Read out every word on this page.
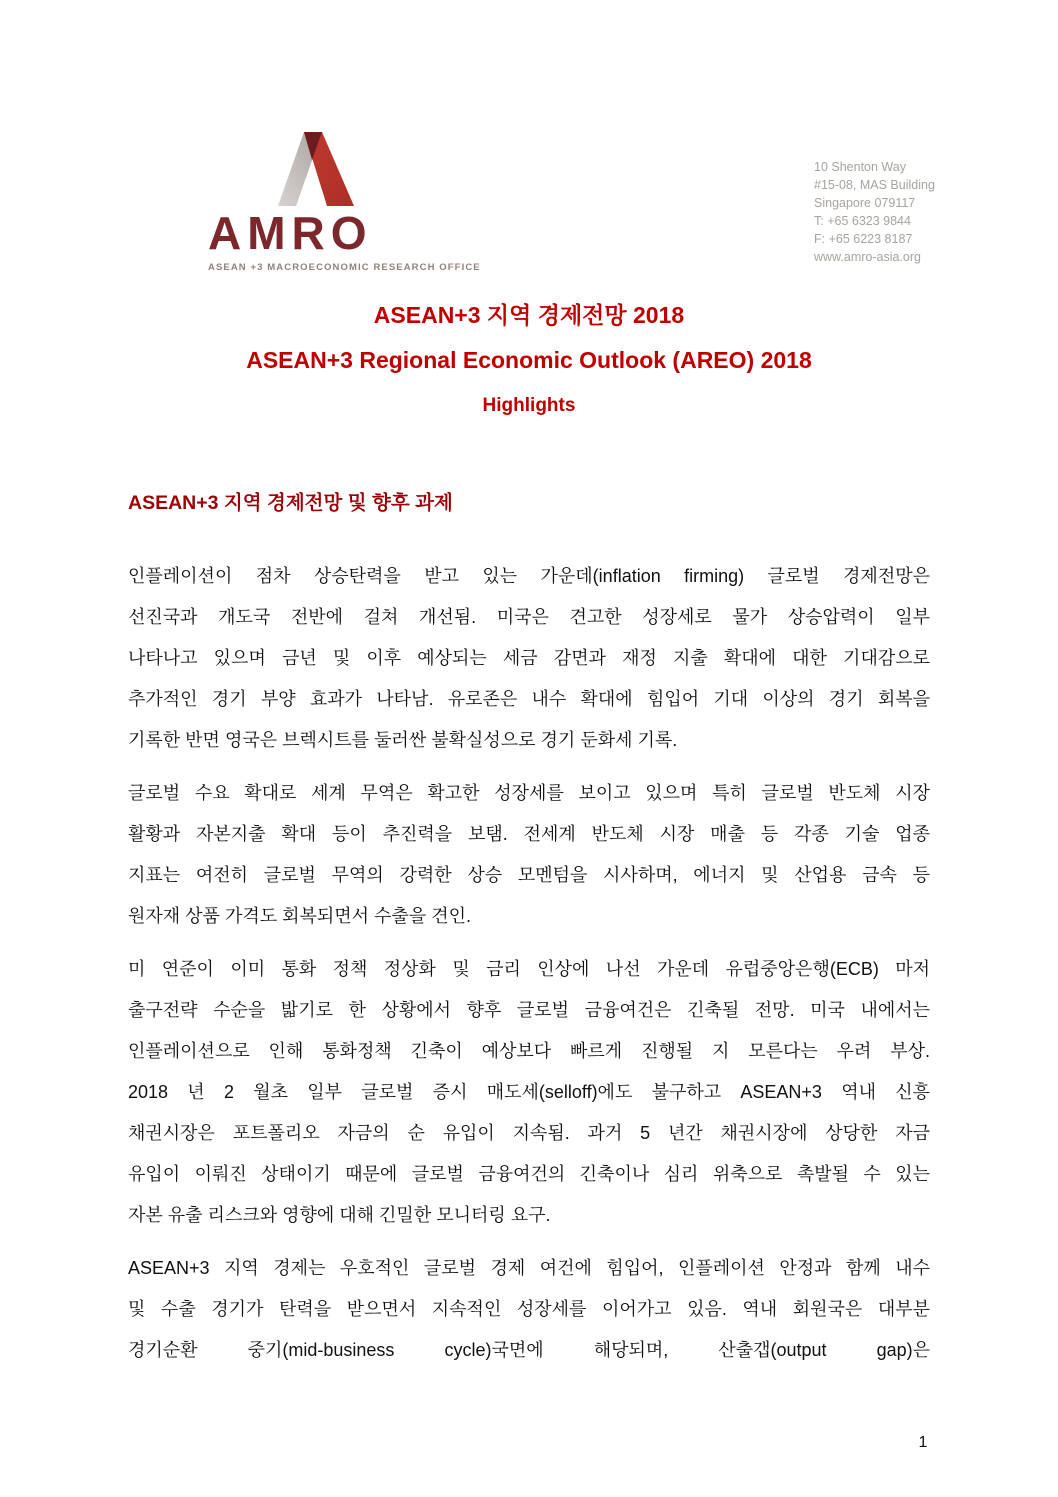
AMRO
ASEAN +3 MACROECONOMIC RESEARCH OFFICE
10 Shenton Way
#15-08, MAS Building
Singapore 079117
T: +65 6323 9844
F: +65 6223 8187
www.amro-asia.org
ASEAN+3 지역 경제전망 2018
ASEAN+3 Regional Economic Outlook (AREO) 2018
Highlights
ASEAN+3 지역 경제전망 및 향후 과제
인플레이션이 점차 상승탄력을 받고 있는 가운데(inflation firming) 글로벌 경제전망은
선진국과 개도국 전반에 걸쳐 개선됨. 미국은 견고한 성장세로 물가 상승압력이 일부
나타나고 있으며 금년 및 이후 예상되는 세금 감면과 재정 지출 확대에 대한 기대감으로
추가적인 경기 부양 효과가 나타남. 유로존은 내수 확대에 힘입어 기대 이상의 경기 회복을
기록한 반면 영국은 브렉시트를 둘러싼 불확실성으로 경기 둔화세 기록.
글로벌 수요 확대로 세계 무역은 확고한 성장세를 보이고 있으며 특히 글로벌 반도체 시장
활황과 자본지출 확대 등이 추진력을 보탬. 전세계 반도체 시장 매출 등 각종 기술 업종
지표는 여전히 글로벌 무역의 강력한 상승 모멘텀을 시사하며, 에너지 및 산업용 금속 등
원자재 상품 가격도 회복되면서 수출을 견인.
미 연준이 이미 통화 정책 정상화 및 금리 인상에 나선 가운데 유럽중앙은행(ECB) 마저
출구전략 수순을 밟기로 한 상황에서 향후 글로벌 금융여건은 긴축될 전망. 미국 내에서는
인플레이션으로 인해 통화정책 긴축이 예상보다 빠르게 진행될 지 모른다는 우려 부상.
2018 년 2 월초 일부 글로벌 증시 매도세(selloff)에도 불구하고 ASEAN+3 역내 신흥
채권시장은 포트폴리오 자금의 순 유입이 지속됨. 과거 5 년간 채권시장에 상당한 자금
유입이 이뤄진 상태이기 때문에 글로벌 금융여건의 긴축이나 심리 위축으로 촉발될 수 있는
자본 유출 리스크와 영향에 대해 긴밀한 모니터링 요구.
ASEAN+3 지역 경제는 우호적인 글로벌 경제 여건에 힘입어, 인플레이션 안정과 함께 내수
및 수출 경기가 탄력을 받으면서 지속적인 성장세를 이어가고 있음. 역내 회원국은 대부분
경기순환 중기(mid-business cycle)국면에 해당되며, 산출갭(output gap)은
1
